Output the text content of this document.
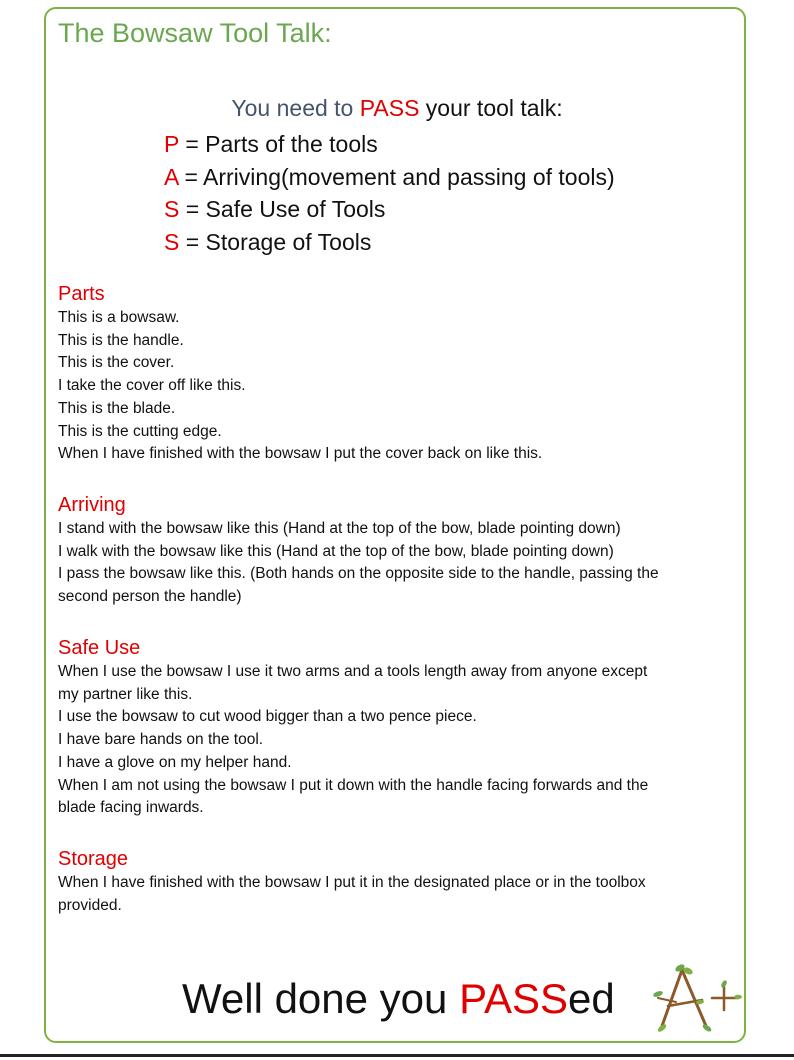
The Bowsaw Tool Talk:

You need to PASS your tool talk:

P = Parts of the tools
A = Arriving(movement and passing of tools)
S = Safe Use of Tools
S = Storage of Tools
Parts

This is a bowsaw.

This is the handle.

This is the cover.

I take the cover off like this.

This is the blade.

This is the cutting edge.

When I have finished with the bowsaw I put the cover back on like this.

Arriving

I stand with the bowsaw like this (Hand at the top of the bow, blade pointing down)

I walk with the bowsaw like this (Hand at the top of the bow, blade pointing down)

I pass the bowsaw like this. (Both hands on the opposite side to the handle, passing the

second person the handle)

Safe Use

When I use the bowsaw I use it two arms and a tools length away from anyone except

my partner like this.

I use the bowsaw to cut wood bigger than a two pence piece.

I have bare hands on the tool.

I have a glove on my helper hand.

When I am not using the bowsaw I put it down with the handle facing forwards and the

blade facing inwards.

Storage

When I have finished with the bowsaw I put it in the designated place or in the toolbox

provided.

Well done you PASSed
